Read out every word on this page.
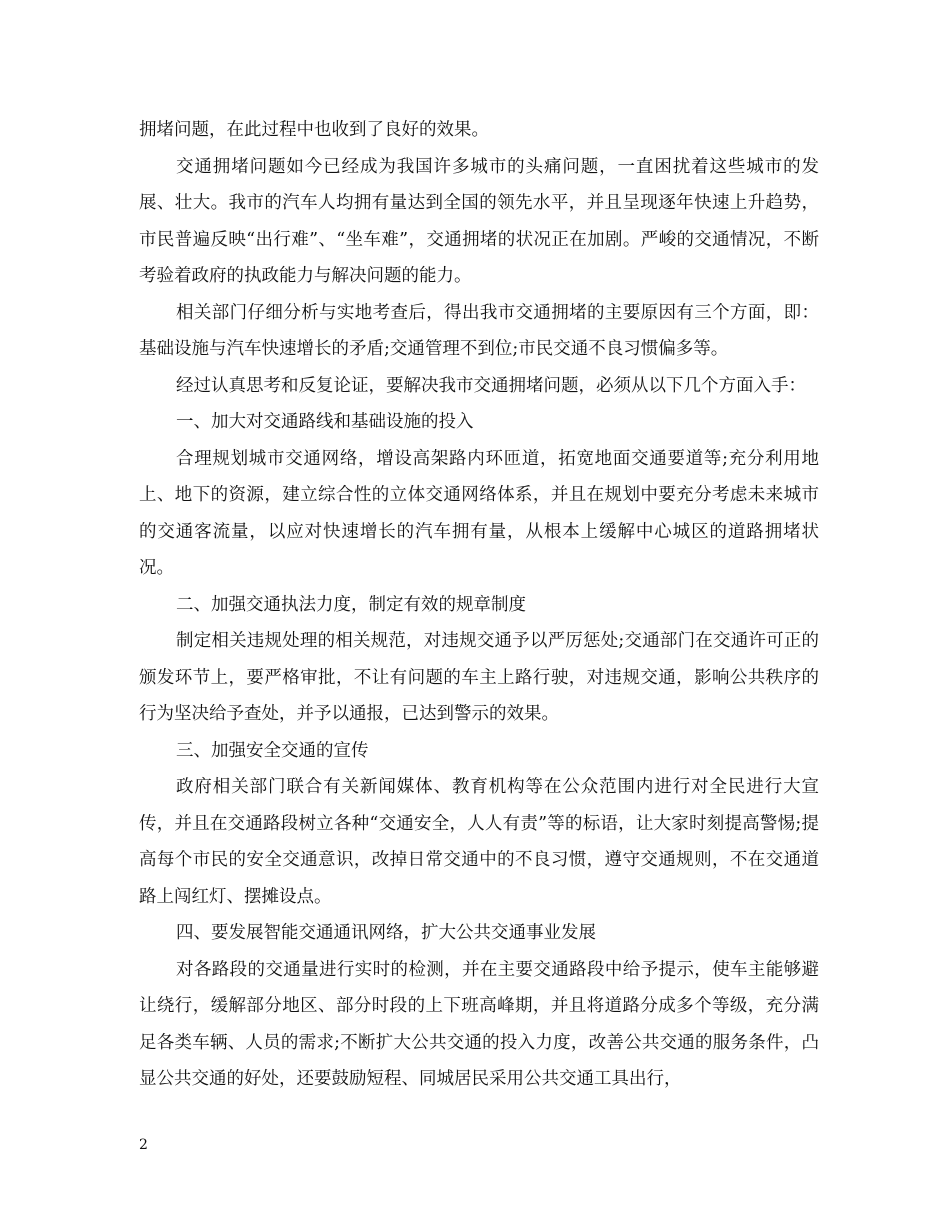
拥堵问题，在此过程中也收到了良好的效果。

交通拥堵问题如今已经成为我国许多城市的头痛问题，一直困扰着这些城市的发展、壮大。我市的汽车人均拥有量达到全国的领先水平，并且呈现逐年快速上升趋势，市民普遍反映“出行难”、“坐车难”，交通拥堵的状况正在加剧。严峻的交通情况，不断考验着政府的执政能力与解决问题的能力。

相关部门仔细分析与实地考查后，得出我市交通拥堵的主要原因有三个方面，即：基础设施与汽车快速增长的矛盾;交通管理不到位;市民交通不良习惯偏多等。

经过认真思考和反复论证，要解决我市交通拥堵问题，必须从以下几个方面入手：

一、加大对交通路线和基础设施的投入

合理规划城市交通网络，增设高架路内环匝道，拓宽地面交通要道等;充分利用地上、地下的资源，建立综合性的立体交通网络体系，并且在规划中要充分考虑未来城市的交通客流量，以应对快速增长的汽车拥有量，从根本上缓解中心城区的道路拥堵状况。

二、加强交通执法力度，制定有效的规章制度

制定相关违规处理的相关规范，对违规交通予以严厉惩处;交通部门在交通许可正的颁发环节上，要严格审批，不让有问题的车主上路行驶，对违规交通，影响公共秩序的行为坚决给予查处，并予以通报，已达到警示的效果。

三、加强安全交通的宣传

政府相关部门联合有关新闻媒体、教育机构等在公众范围内进行对全民进行大宣传，并且在交通路段树立各种“交通安全，人人有责”等的标语，让大家时刻提高警惕;提高每个市民的安全交通意识，改掉日常交通中的不良习惯，遵守交通规则，不在交通道路上闯红灯、摆摊设点。

四、要发展智能交通通讯网络，扩大公共交通事业发展

对各路段的交通量进行实时的检测，并在主要交通路段中给予提示，使车主能够避让绕行，缓解部分地区、部分时段的上下班高峰期，并且将道路分成多个等级，充分满足各类车辆、人员的需求;不断扩大公共交通的投入力度，改善公共交通的服务条件，凸显公共交通的好处，还要鼓励短程、同城居民采用公共交通工具出行，

2
